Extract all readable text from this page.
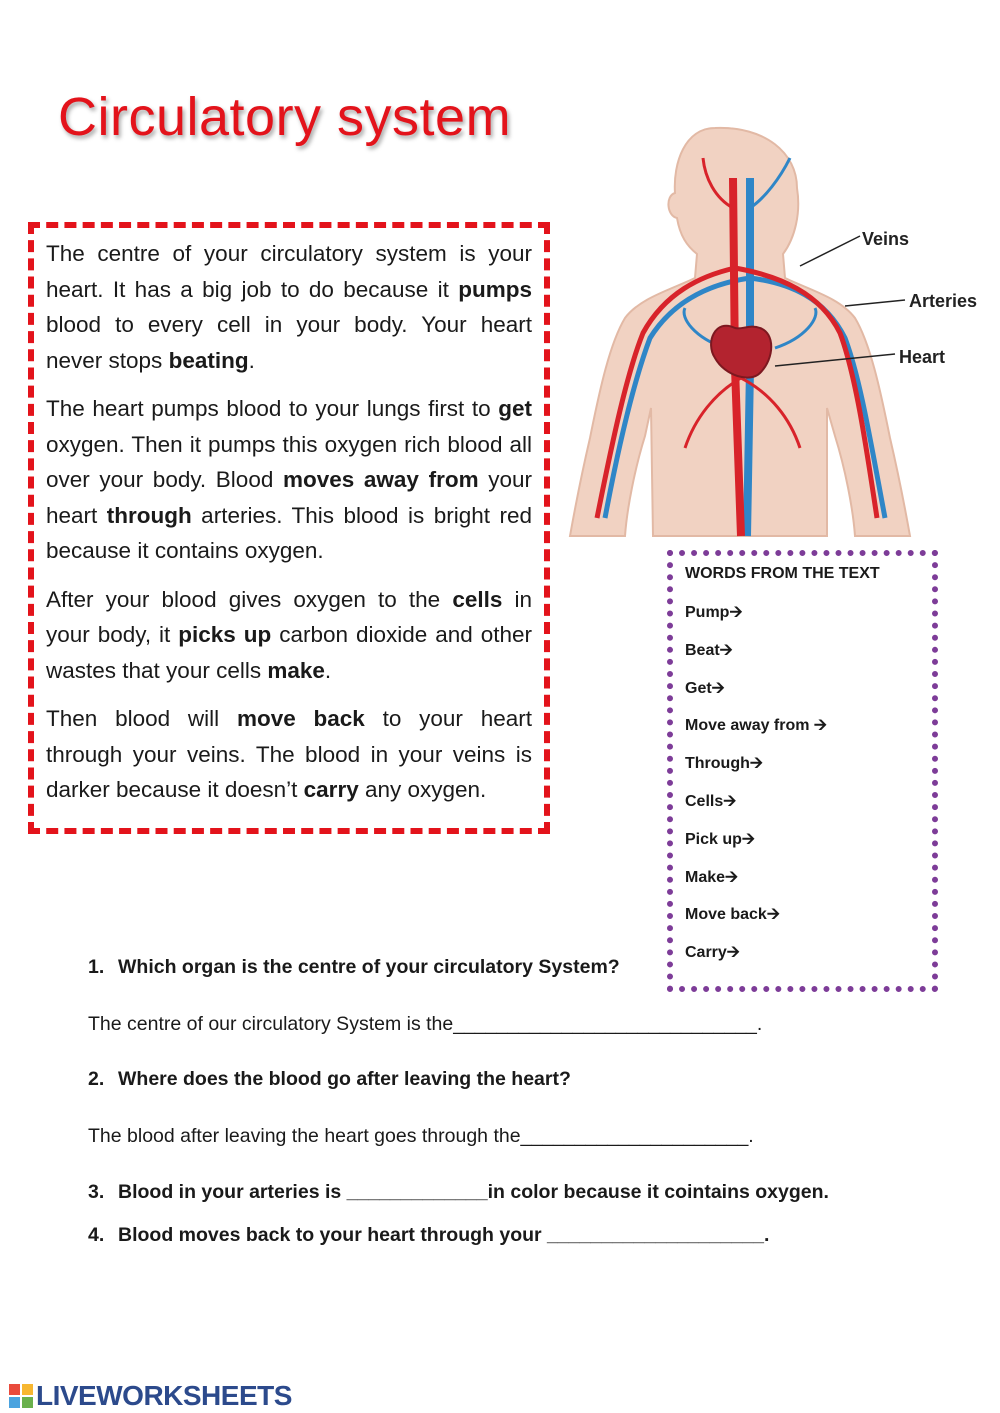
Circulatory system

The centre of your circulatory system is your heart. It has a big job to do because it pumps blood to every cell in your body. Your heart never stops beating.

The heart pumps blood to your lungs first to get oxygen. Then it pumps this oxygen rich blood all over your body. Blood moves away from your heart through arteries. This blood is bright red because it contains oxygen.

After your blood gives oxygen to the cells in your body, it picks up carbon dioxide and other wastes that your cells make.

Then blood will move back to your heart through your veins. The blood in your veins is darker because it doesn’t carry any oxygen.

Veins
Arteries
Heart
WORDS FROM THE TEXT
Pump🡪
Beat🡪
Get🡪
Move away from 🡪
Through🡪
Cells🡪
Pick up🡪
Make🡪
Move back🡪
Carry🡪
1. Which organ is the centre of your circulatory System?
The centre of our circulatory System is the____________________________.
2. Where does the blood go after leaving the heart?
The blood after leaving the heart goes through the_____________________.
3. Blood in your arteries is _____________in color because it cointains oxygen.
4. Blood moves back to your heart through your ____________________.
LIVEWORKSHEETS
